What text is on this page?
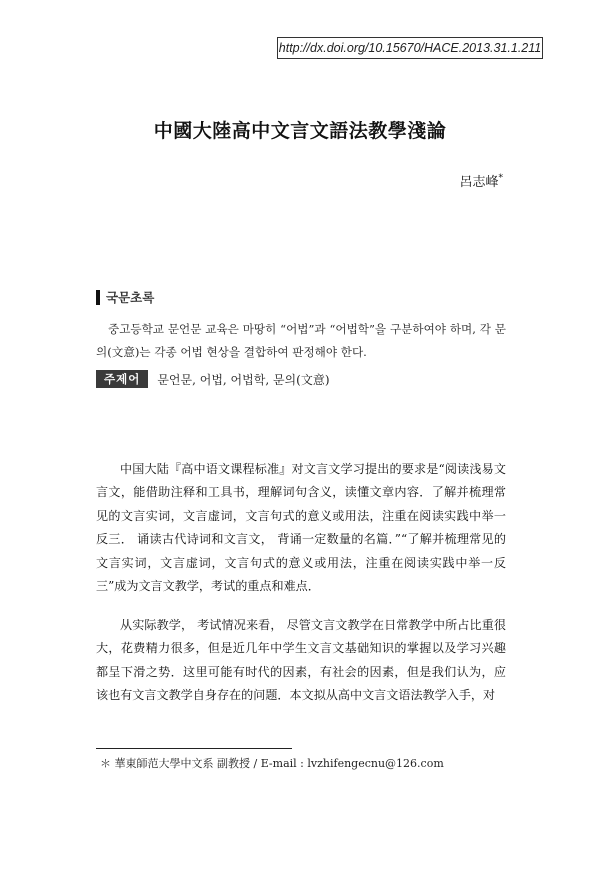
http://dx.doi.org/10.15670/HACE.2013.31.1.211
中國大陸高中文言文語法教學淺論
呂志峰*
국문초록

중고등학교 문언문 교육은 마땅히 “어법”과 “어법학”을 구분하여야 하며, 각 문의(文意)는 각종 어법 현상을 결합하여 판정해야 한다.

주제어	문언문, 어법, 어법학, 문의(文意)

中国大陆『高中语文课程标准』对文言文学习提出的要求是“阅读浅易文言文，能借助注释和工具书，理解词句含义，读懂文章内容．了解并梳理常见的文言实词，文言虚词，文言句式的意义或用法，注重在阅读实践中举一反三． 诵读古代诗词和文言文， 背诵一定数量的名篇．”“了解并梳理常见的文言实词，文言虚词，文言句式的意义或用法，注重在阅读实践中举一反三”成为文言文教学，考试的重点和难点．

从实际教学， 考试情况来看， 尽管文言文教学在日常教学中所占比重很大，花费精力很多，但是近几年中学生文言文基础知识的掌握以及学习兴趣都呈下滑之势．这里可能有时代的因素，有社会的因素，但是我们认为，应该也有文言文教学自身存在的问题．本文拟从高中文言文语法教学入手，对

＊ 華東師范大學中文系 副教授 / E-mail : lvzhifengecnu@126.com
